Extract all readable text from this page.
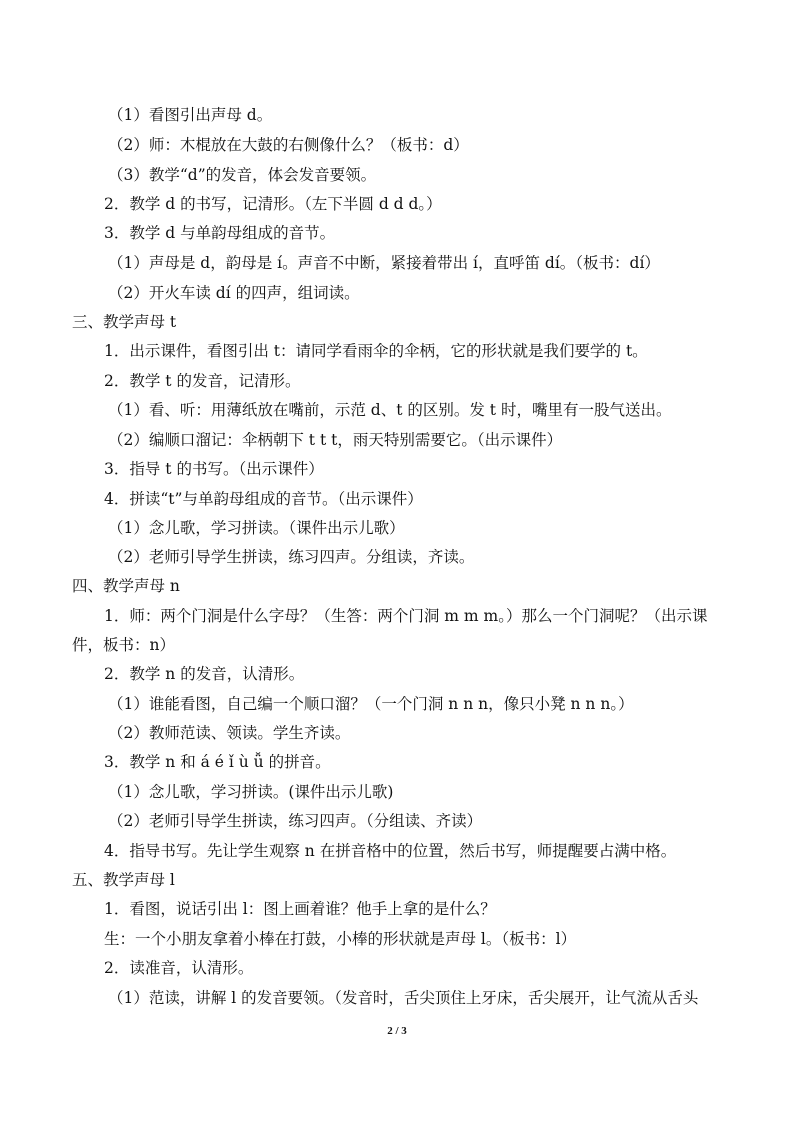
（1）看图引出声母 d。
（2）师：木棍放在大鼓的右侧像什么？（板书：d）
（3）教学“d”的发音，体会发音要领。
2．教学 d 的书写，记清形。（左下半圆 d d d。）
3．教学 d 与单韵母组成的音节。
（1）声母是 d，韵母是 í。声音不中断，紧接着带出 í，直呼笛 dí。（板书：dí）
（2）开火车读 dí 的四声，组词读。
三、教学声母 t
1．出示课件，看图引出 t：请同学看雨伞的伞柄，它的形状就是我们要学的 t。
2．教学 t 的发音，记清形。
（1）看、听：用薄纸放在嘴前，示范 d、t 的区别。发 t 时，嘴里有一股气送出。
（2）编顺口溜记：伞柄朝下 t t t，雨天特别需要它。（出示课件）
3．指导 t 的书写。（出示课件）
4．拼读“t”与单韵母组成的音节。（出示课件）
（1）念儿歌，学习拼读。（课件出示儿歌）
（2）老师引导学生拼读，练习四声。分组读，齐读。
四、教学声母 n
1．师：两个门洞是什么字母？（生答：两个门洞 m m m。）那么一个门洞呢？（出示课
件，板书：n）
2．教学 n 的发音，认清形。
（1）谁能看图，自己编一个顺口溜？（一个门洞 n n n，像只小凳 n n n。）
（2）教师范读、领读。学生齐读。
3．教学 n 和 á é ǐ ù ǚ 的拼音。
（1）念儿歌，学习拼读。(课件出示儿歌)
（2）老师引导学生拼读，练习四声。（分组读、齐读）
4．指导书写。先让学生观察 n 在拼音格中的位置，然后书写，师提醒要占满中格。
五、教学声母 l
1．看图，说话引出 l：图上画着谁？他手上拿的是什么？
生：一个小朋友拿着小棒在打鼓，小棒的形状就是声母 l。（板书：l）
2．读准音，认清形。
（1）范读，讲解 l 的发音要领。（发音时，舌尖顶住上牙床，舌尖展开，让气流从舌头
2 / 3
